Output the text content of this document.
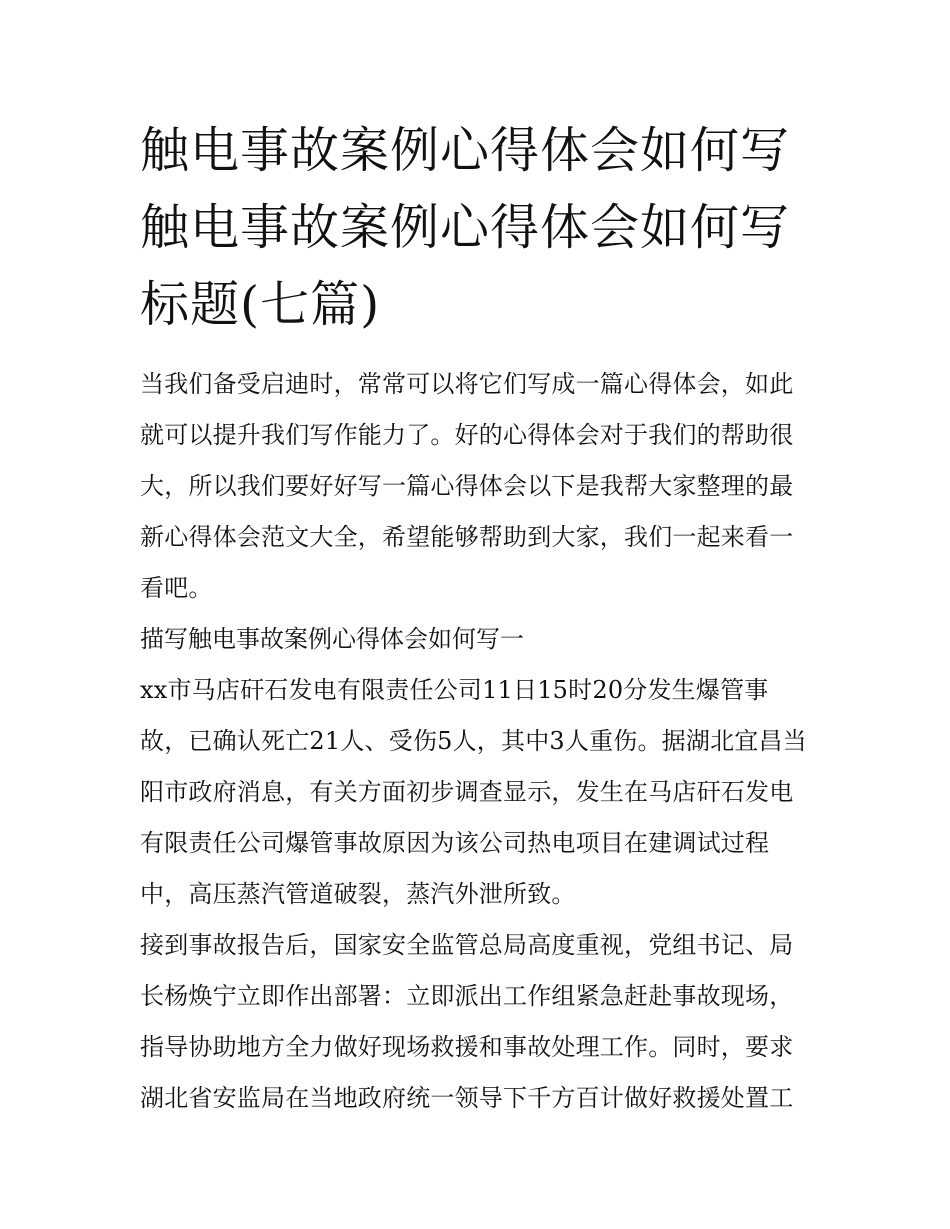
触电事故案例心得体会如何写触电事故案例心得体会如何写标题(七篇)

当我们备受启迪时，常常可以将它们写成一篇心得体会，如此就可以提升我们写作能力了。好的心得体会对于我们的帮助很大，所以我们要好好写一篇心得体会以下是我帮大家整理的最新心得体会范文大全，希望能够帮助到大家，我们一起来看一看吧。

描写触电事故案例心得体会如何写一

xx市马店矸石发电有限责任公司11日15时20分发生爆管事故，已确认死亡21人、受伤5人，其中3人重伤。据湖北宜昌当阳市政府消息，有关方面初步调查显示，发生在马店矸石发电有限责任公司爆管事故原因为该公司热电项目在建调试过程中，高压蒸汽管道破裂，蒸汽外泄所致。

接到事故报告后，国家安全监管总局高度重视，党组书记、局长杨焕宁立即作出部署：立即派出工作组紧急赶赴事故现场，指导协助地方全力做好现场救援和事故处理工作。同时，要求湖北省安监局在当地政府统一领导下千方百计做好救援处置工
